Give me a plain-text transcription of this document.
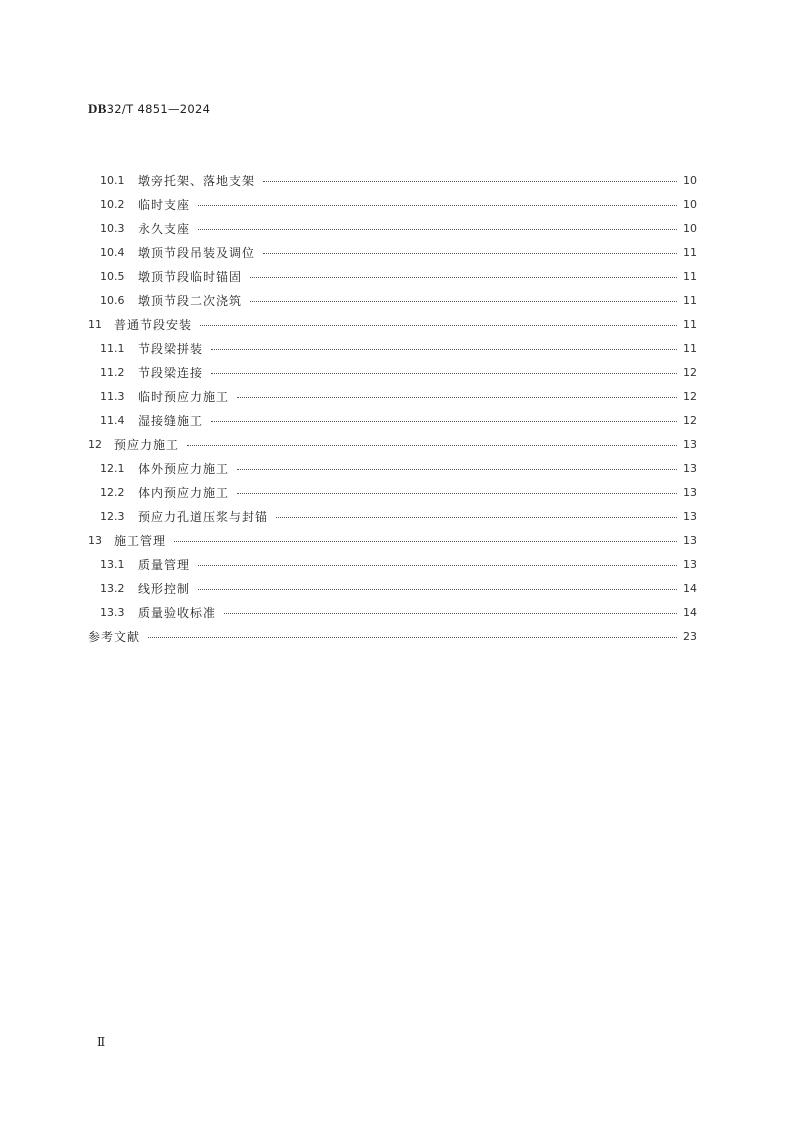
DB32/T 4851—2024
10.1	墩旁托架、落地支架	10
10.2	临时支座	10
10.3	永久支座	10
10.4	墩顶节段吊装及调位	11
10.5	墩顶节段临时锚固	11
10.6	墩顶节段二次浇筑	11
11	普通节段安装	11
11.1	节段梁拼装	11
11.2	节段梁连接	12
11.3	临时预应力施工	12
11.4	湿接缝施工	12
12	预应力施工	13
12.1	体外预应力施工	13
12.2	体内预应力施工	13
12.3	预应力孔道压浆与封锚	13
13	施工管理	13
13.1	质量管理	13
13.2	线形控制	14
13.3	质量验收标准	14
参考文献	23
Ⅱ
